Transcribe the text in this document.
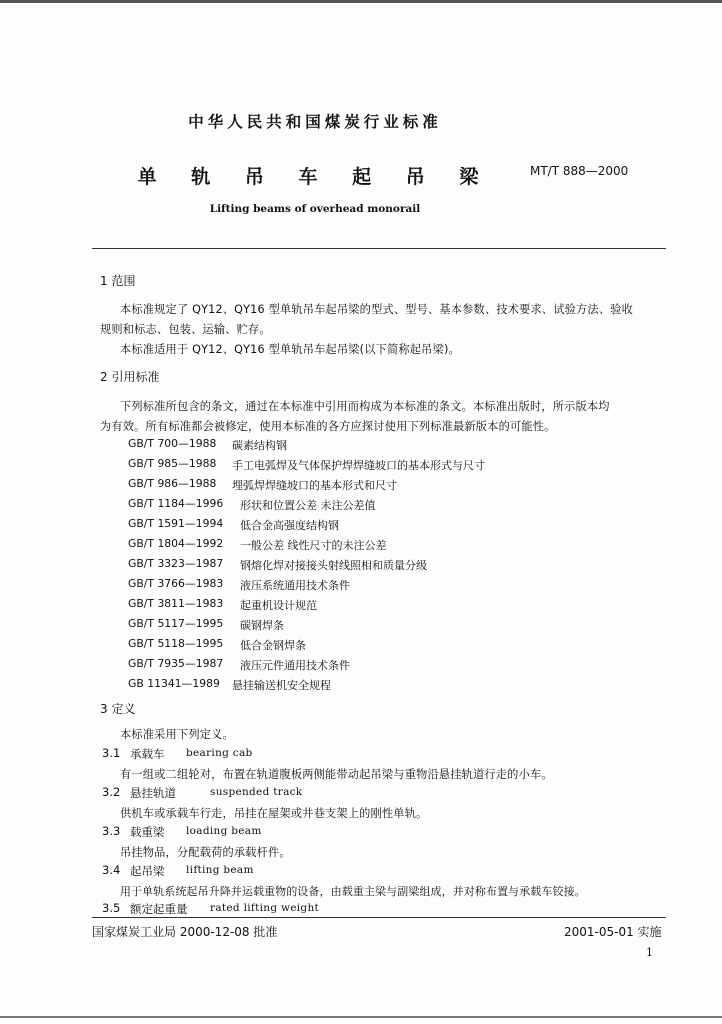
中华人民共和国煤炭行业标准
单 轨 吊 车 起 吊 梁	MT/T 888—2000
Lifting beams of overhead monorail
1 范围
本标准规定了 QY12、QY16 型单轨吊车起吊梁的型式、型号、基本参数、技术要求、试验方法、验收
规则和标志、包装、运输、贮存。
本标准适用于 QY12、QY16 型单轨吊车起吊梁(以下简称起吊梁)。
2 引用标准
下列标准所包含的条文，通过在本标准中引用而构成为本标准的条文。本标准出版时，所示版本均
为有效。所有标准都会被修定，使用本标准的各方应探讨使用下列标准最新版本的可能性。
GB/T 700—1988 碳素结构钢
GB/T 985—1988 手工电弧焊及气体保护焊焊缝坡口的基本形式与尺寸
GB/T 986—1988 埋弧焊焊缝坡口的基本形式和尺寸
GB/T 1184—1996 形状和位置公差 未注公差值
GB/T 1591—1994 低合金高强度结构钢
GB/T 1804—1992 一般公差 线性尺寸的未注公差
GB/T 3323—1987 钢熔化焊对接接头射线照相和质量分级
GB/T 3766—1983 液压系统通用技术条件
GB/T 3811—1983 起重机设计规范
GB/T 5117—1995 碳钢焊条
GB/T 5118—1995 低合金钢焊条
GB/T 7935—1987 液压元件通用技术条件
GB 11341—1989 悬挂输送机安全规程
3 定义
本标准采用下列定义。
3.1 承载车 bearing cab
有一组或二组轮对，布置在轨道腹板两侧能带动起吊梁与重物沿悬挂轨道行走的小车。
3.2 悬挂轨道	suspended track
供机车或承载车行走，吊挂在屋架或井巷支架上的刚性单轨。
3.3 载重梁 loading beam
吊挂物品，分配载荷的承载杆件。
3.4 起吊梁 lifting beam
用于单轨系统起吊升降并运载重物的设备，由载重主梁与副梁组成，并对称布置与承载车铰接。
3.5 额定起重量 rated lifting weight
国家煤炭工业局 2000-12-08 批准	2001-05-01 实施
1
